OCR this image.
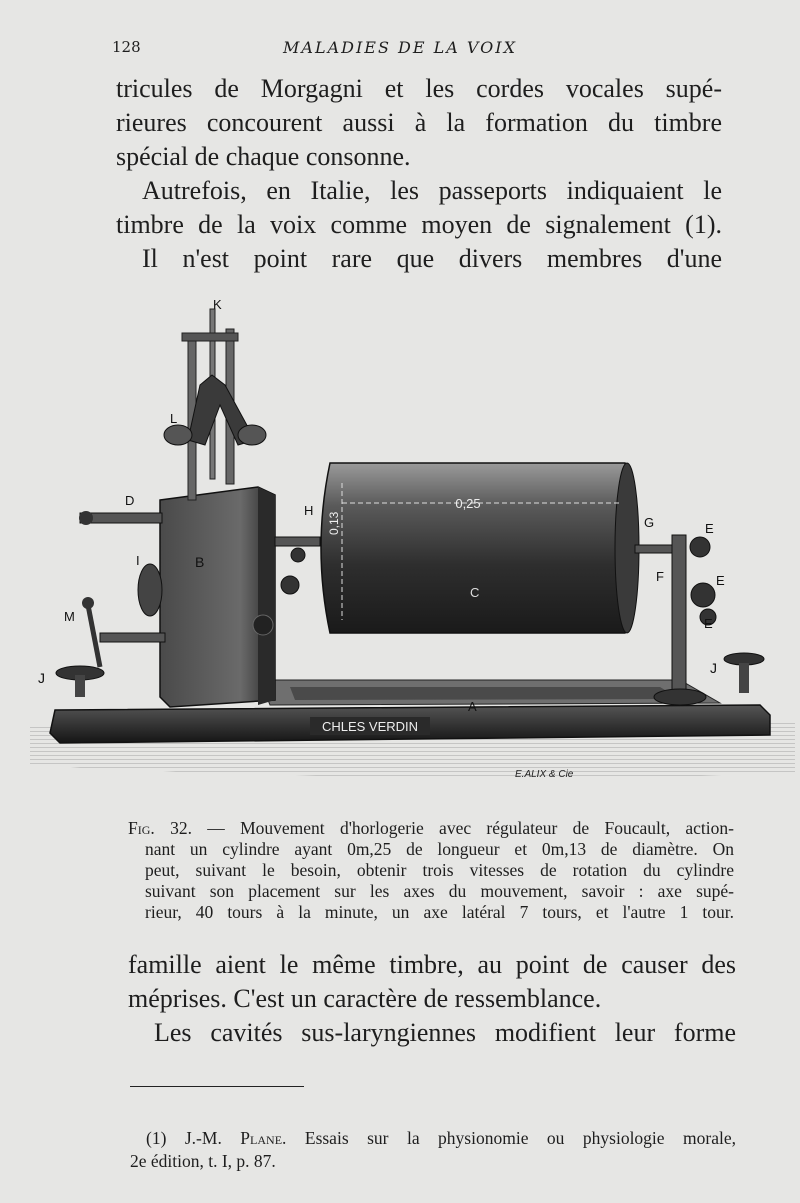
128	MALADIES DE LA VOIX
tricules de Morgagni et les cordes vocales supé-
rieures concourent aussi à la formation du timbre
spécial de chaque consonne.
Autrefois, en Italie, les passeports indiquaient le
timbre de la voix comme moyen de signalement (1).
Il n'est point rare que divers membres d'une
CHLES VERDIN
A
J
J
B
K
L
D
I
M
H	0,25
0,13
C
G
F
E
E
E
E.ALIX & Cie
Fig. 32. — Mouvement d'horlogerie avec régulateur de Foucault, action-
nant un cylindre ayant 0m,25 de longueur et 0m,13 de diamètre. On
peut, suivant le besoin, obtenir trois vitesses de rotation du cylindre
suivant son placement sur les axes du mouvement, savoir : axe supé-
rieur, 40 tours à la minute, un axe latéral 7 tours, et l'autre 1 tour.
famille aient le même timbre, au point de causer des
méprises. C'est un caractère de ressemblance.
Les cavités sus-laryngiennes modifient leur forme
(1) J.-M. Plane. Essais sur la physionomie ou physiologie morale,
2e édition, t. I, p. 87.
